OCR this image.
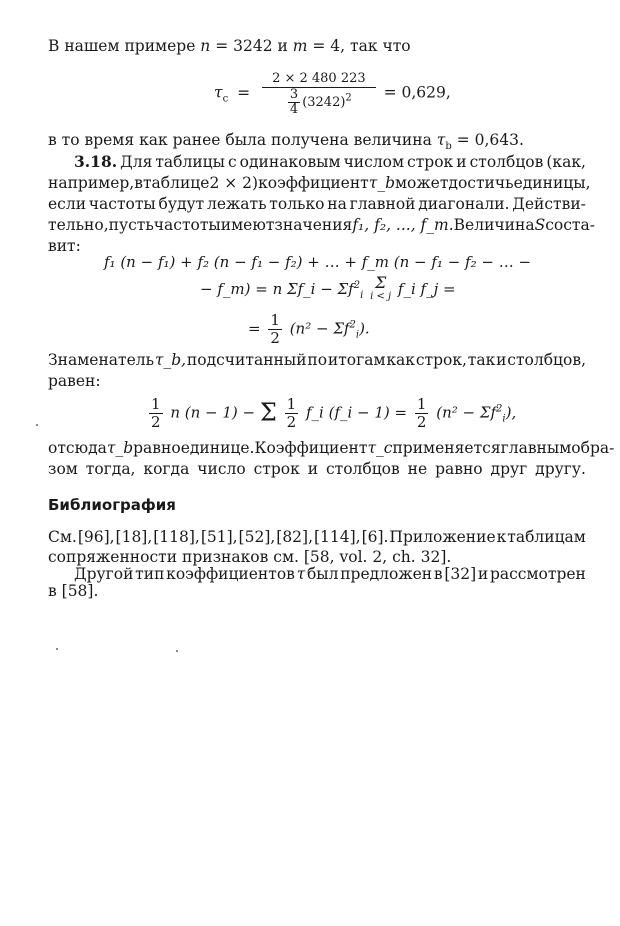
В нашем примере n = 3242 и m = 4, так что
$\tau_c = \frac{2 \times 2 480 223}{\frac{3}{4} (3242)^2} = 0,629$,
в то время как ранее была получена величина $\tau_b = 0,643$.
3.18. Для таблицы с одинаковым числом строк и столбцов (как,
например, в таблице 2 × 2) коэффициент τ_b может достичь единицы,
если частоты будут лежать только на главной диагонали. Действи-
тельно, пусть частоты имеют значения f₁, f₂, ..., f_m. Величина S соста-
вит:
f₁ (n − f₁) + f₂ (n − f₁ − f₂) + … + f_m (n − f₁ − f₂ − … −
− f_m) = n Σf_i − $\Sigma f^2_i$
Σ
i < j f_i f_j =
= $\frac{1}{2} (n^2 - \Sigma f^2_i)$.
Знаменатель τ_b, подсчитанный по итогам как строк, так и столбцов,
равен:
$\frac{1}{2}$ n (n − 1) − Σ $\frac{1}{2}$ f_i (f_i − $1) = \frac{1}{2} (n^2 - \Sigma f^2_i)$,
отсюда τ_b равно единице. Коэффициент τ_c применяется главным обра-
зом тогда, когда число строк и столбцов не равно друг другу.
Библиография
См. [96], [18], [118], [51], [52], [82], [114], [6]. Приложение к таблицам
сопряженности признаков см. [58, vol. 2, ch. 32].
Другой тип коэффициентов τ был предложен в [32] и рассмотрен
в [58].
